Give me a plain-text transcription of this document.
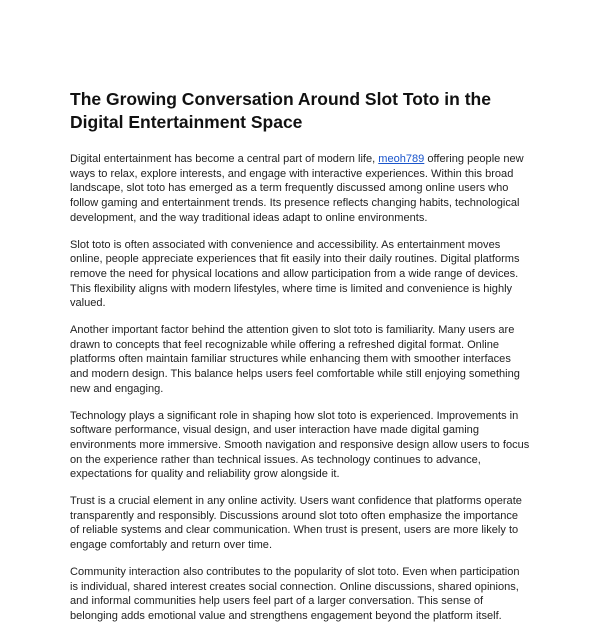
The Growing Conversation Around Slot Toto in the Digital Entertainment Space

Digital entertainment has become a central part of modern life, meoh789 offering people new ways to relax, explore interests, and engage with interactive experiences. Within this broad landscape, slot toto has emerged as a term frequently discussed among online users who follow gaming and entertainment trends. Its presence reflects changing habits, technological development, and the way traditional ideas adapt to online environments.

Slot toto is often associated with convenience and accessibility. As entertainment moves online, people appreciate experiences that fit easily into their daily routines. Digital platforms remove the need for physical locations and allow participation from a wide range of devices. This flexibility aligns with modern lifestyles, where time is limited and convenience is highly valued.

Another important factor behind the attention given to slot toto is familiarity. Many users are drawn to concepts that feel recognizable while offering a refreshed digital format. Online platforms often maintain familiar structures while enhancing them with smoother interfaces and modern design. This balance helps users feel comfortable while still enjoying something new and engaging.

Technology plays a significant role in shaping how slot toto is experienced. Improvements in software performance, visual design, and user interaction have made digital gaming environments more immersive. Smooth navigation and responsive design allow users to focus on the experience rather than technical issues. As technology continues to advance, expectations for quality and reliability grow alongside it.

Trust is a crucial element in any online activity. Users want confidence that platforms operate transparently and responsibly. Discussions around slot toto often emphasize the importance of reliable systems and clear communication. When trust is present, users are more likely to engage comfortably and return over time.

Community interaction also contributes to the popularity of slot toto. Even when participation is individual, shared interest creates social connection. Online discussions, shared opinions, and informal communities help users feel part of a larger conversation. This sense of belonging adds emotional value and strengthens engagement beyond the platform itself.
